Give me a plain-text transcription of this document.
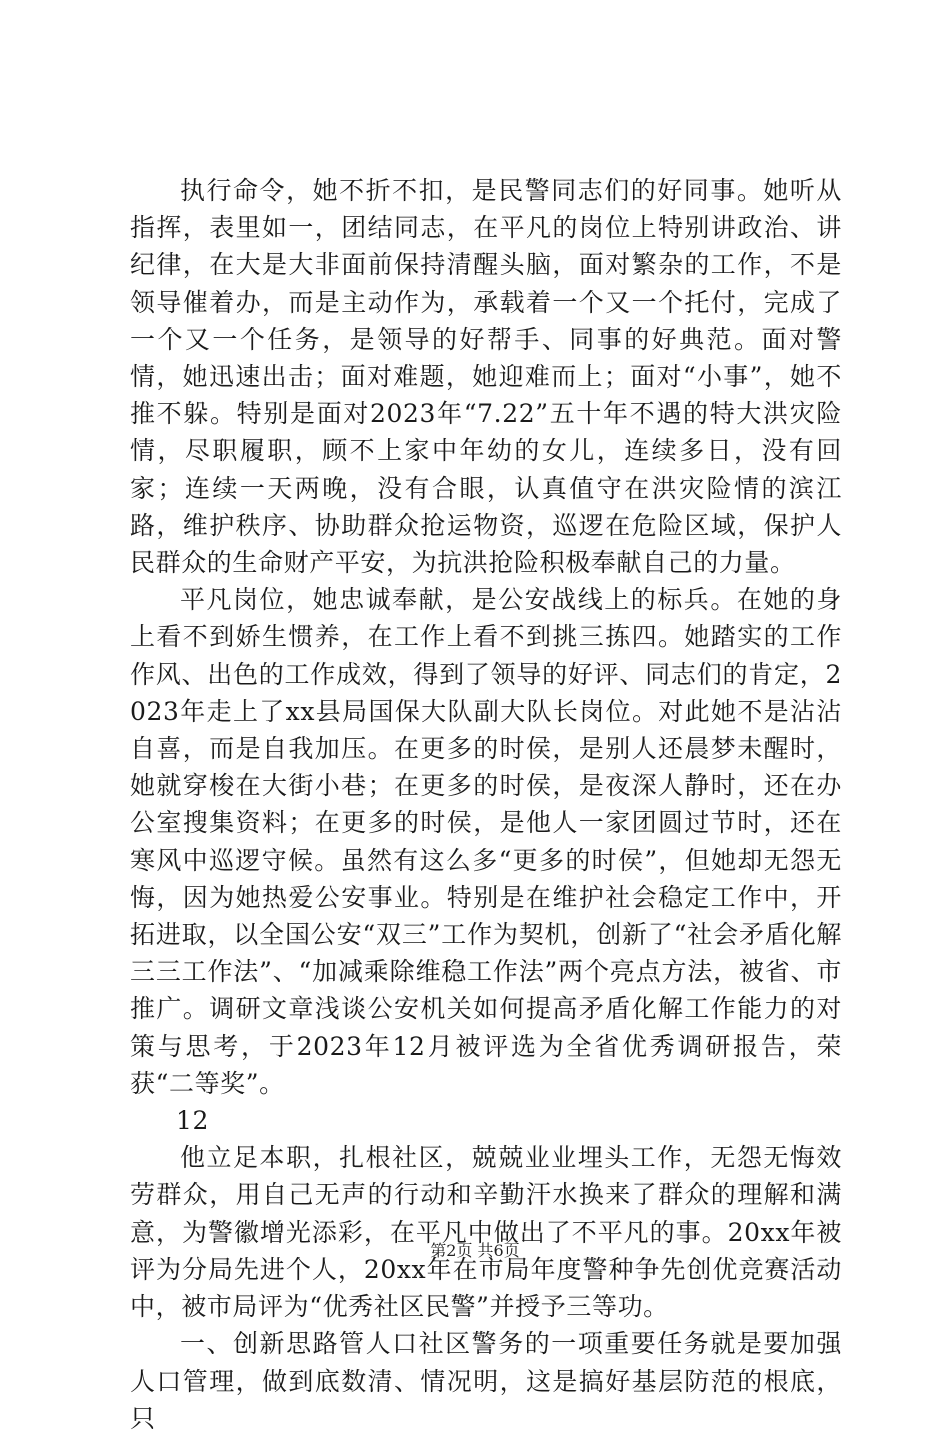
执行命令，她不折不扣，是民警同志们的好同事。她听从指挥，表里如一，团结同志，在平凡的岗位上特别讲政治、讲纪律，在大是大非面前保持清醒头脑，面对繁杂的工作，不是领导催着办，而是主动作为，承载着一个又一个托付，完成了一个又一个任务，是领导的好帮手、同事的好典范。面对警情，她迅速出击；面对难题，她迎难而上；面对“小事”，她不推不躲。特别是面对2023年“7.22”五十年不遇的特大洪灾险情，尽职履职，顾不上家中年幼的女儿，连续多日，没有回家；连续一天两晚，没有合眼，认真值守在洪灾险情的滨江路，维护秩序、协助群众抢运物资，巡逻在危险区域，保护人民群众的生命财产平安，为抗洪抢险积极奉献自己的力量。

平凡岗位，她忠诚奉献，是公安战线上的标兵。在她的身上看不到娇生惯养，在工作上看不到挑三拣四。她踏实的工作作风、出色的工作成效，得到了领导的好评、同志们的肯定，2023年走上了xx县局国保大队副大队长岗位。对此她不是沾沾自喜，而是自我加压。在更多的时侯，是别人还晨梦未醒时，她就穿梭在大街小巷；在更多的时侯，是夜深人静时，还在办公室搜集资料；在更多的时侯，是他人一家团圆过节时，还在寒风中巡逻守候。虽然有这么多“更多的时侯”，但她却无怨无悔，因为她热爱公安事业。特别是在维护社会稳定工作中，开拓进取，以全国公安“双三”工作为契机，创新了“社会矛盾化解三三工作法”、“加减乘除维稳工作法”两个亮点方法，被省、市推广。调研文章浅谈公安机关如何提高矛盾化解工作能力的对策与思考，于2023年12月被评选为全省优秀调研报告，荣获“二等奖”。

12

他立足本职，扎根社区，兢兢业业埋头工作，无怨无悔效劳群众，用自己无声的行动和辛勤汗水换来了群众的理解和满意，为警徽增光添彩，在平凡中做出了不平凡的事。20xx年被评为分局先进个人，20xx年在市局年度警种争先创优竞赛活动中，被市局评为“优秀社区民警”并授予三等功。

一、创新思路管人口社区警务的一项重要任务就是要加强人口管理，做到底数清、情况明，这是搞好基层防范的根底，只

第2页 共6页
